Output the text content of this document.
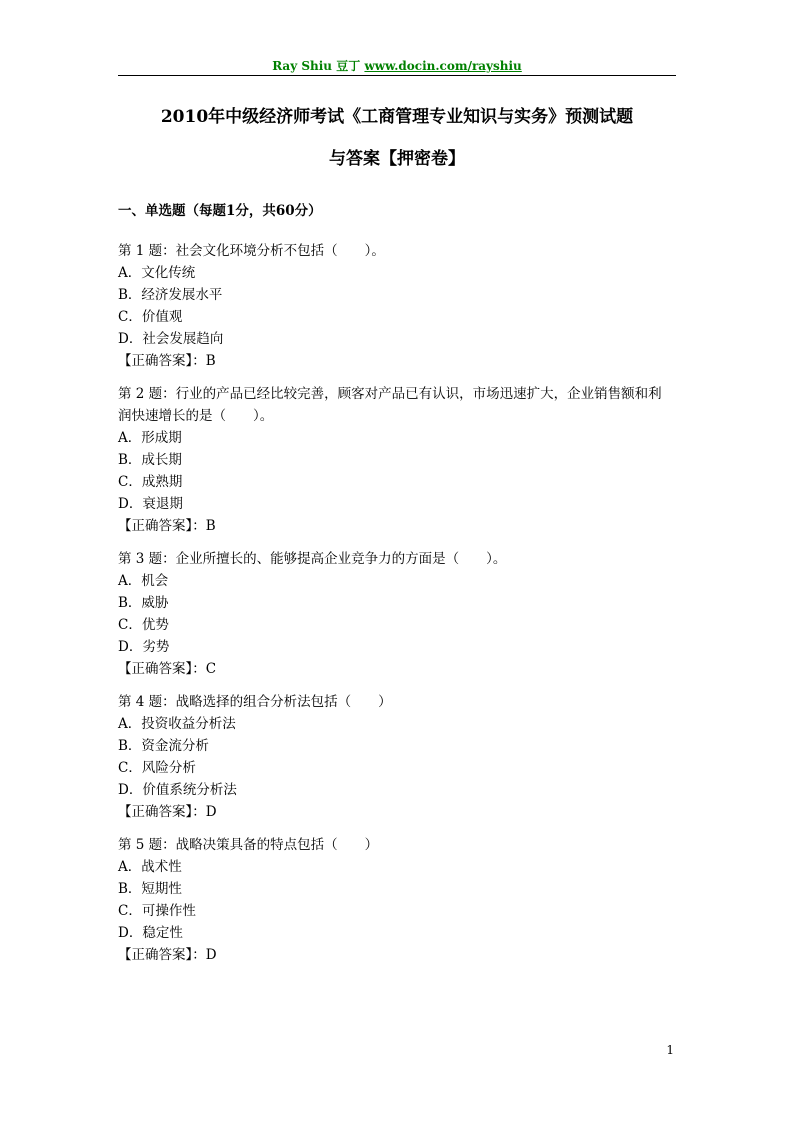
Ray Shiu 豆丁 www.docin.com/rayshiu
2010年中级经济师考试《工商管理专业知识与实务》预测试题
与答案【押密卷】
一、单选题（每题1分，共60分）

第 1 题：社会文化环境分析不包括（　　）。

A．文化传统

B．经济发展水平

C．价值观

D．社会发展趋向

【正确答案】：B

第 2 题：行业的产品已经比较完善，顾客对产品已有认识，市场迅速扩大，企业销售额和利

润快速增长的是（　　）。

A．形成期

B．成长期

C．成熟期

D．衰退期

【正确答案】：B

第 3 题：企业所擅长的、能够提高企业竞争力的方面是（　　）。

A．机会

B．威胁

C．优势

D．劣势

【正确答案】：C

第 4 题：战略选择的组合分析法包括（　　）

A．投资收益分析法

B．资金流分析

C．风险分析

D．价值系统分析法

【正确答案】：D

第 5 题：战略决策具备的特点包括（　　）

A．战术性

B．短期性

C．可操作性

D．稳定性

【正确答案】：D

1
